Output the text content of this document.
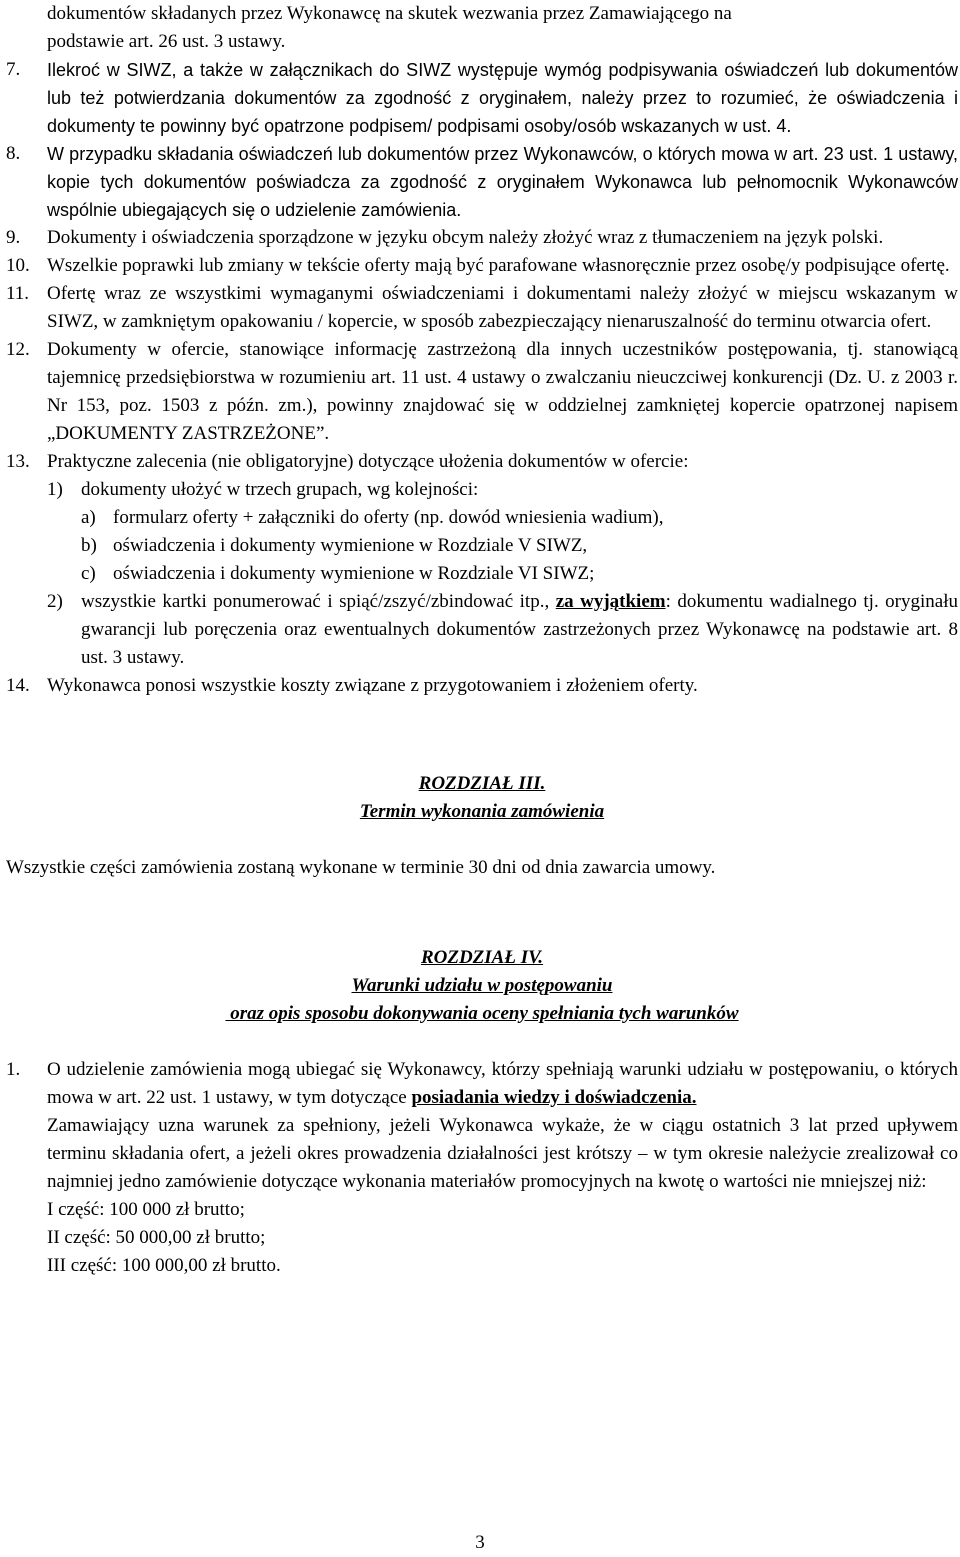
dokumentów składanych przez Wykonawcę na skutek wezwania przez Zamawiającego na
podstawie art. 26 ust. 3 ustawy.
7.	Ilekroć w SIWZ, a także w załącznikach do SIWZ występuje wymóg podpisywania oświadczeń lub dokumentów lub też potwierdzania dokumentów za zgodność z oryginałem, należy przez to rozumieć, że oświadczenia i dokumenty te powinny być opatrzone podpisem/ podpisami osoby/osób wskazanych w ust. 4.
8.	W przypadku składania oświadczeń lub dokumentów przez Wykonawców, o których mowa w art. 23 ust. 1 ustawy, kopie tych dokumentów poświadcza za zgodność z oryginałem Wykonawca lub pełnomocnik Wykonawców wspólnie ubiegających się o udzielenie zamówienia.
9.	Dokumenty i oświadczenia sporządzone w języku obcym należy złożyć wraz z tłumaczeniem na język polski.
10. Wszelkie poprawki lub zmiany w tekście oferty mają być parafowane własnoręcznie przez osobę/y podpisujące ofertę.
11. Ofertę wraz ze wszystkimi wymaganymi oświadczeniami i dokumentami należy złożyć w miejscu wskazanym w SIWZ, w zamkniętym opakowaniu / kopercie, w sposób zabezpieczający nienaruszalność do terminu otwarcia ofert.
12. Dokumenty w ofercie, stanowiące informację zastrzeżoną dla innych uczestników postępowania, tj. stanowiącą tajemnicę przedsiębiorstwa w rozumieniu art. 11 ust. 4 ustawy o zwalczaniu nieuczciwej konkurencji (Dz. U. z 2003 r. Nr 153, poz. 1503 z późn. zm.), powinny znajdować się w oddzielnej zamkniętej kopercie opatrzonej napisem „DOKUMENTY ZASTRZEŻONE”.
13. Praktyczne zalecenia (nie obligatoryjne) dotyczące ułożenia dokumentów w ofercie:
1) dokumenty ułożyć w trzech grupach, wg kolejności:
a) formularz oferty + załączniki do oferty (np. dowód wniesienia wadium),
b) oświadczenia i dokumenty wymienione w Rozdziale V SIWZ,
c) oświadczenia i dokumenty wymienione w Rozdziale VI SIWZ;
2) wszystkie kartki ponumerować i spiąć/zszyć/zbindować itp., za wyjątkiem: dokumentu wadialnego tj. oryginału gwarancji lub poręczenia oraz ewentualnych dokumentów zastrzeżonych przez Wykonawcę na podstawie art. 8 ust. 3 ustawy.
14. Wykonawca ponosi wszystkie koszty związane z przygotowaniem i złożeniem oferty.
ROZDZIAŁ III.
Termin wykonania zamówienia
Wszystkie części zamówienia zostaną wykonane w terminie 30 dni od dnia zawarcia umowy.
ROZDZIAŁ IV.
Warunki udziału w postępowaniu
oraz opis sposobu dokonywania oceny spełniania tych warunków
1.	O udzielenie zamówienia mogą ubiegać się Wykonawcy, którzy spełniają warunki udziału w postępowaniu, o których mowa w art. 22 ust. 1 ustawy, w tym dotyczące posiadania wiedzy i doświadczenia.
Zamawiający uzna warunek za spełniony, jeżeli Wykonawca wykaże, że w ciągu ostatnich 3 lat przed upływem terminu składania ofert, a jeżeli okres prowadzenia działalności jest krótszy – w tym okresie należycie zrealizował co najmniej jedno zamówienie dotyczące wykonania materiałów promocyjnych na kwotę o wartości nie mniejszej niż:
I część: 100 000 zł brutto;
II część: 50 000,00 zł brutto;
III część: 100 000,00 zł brutto.
3
